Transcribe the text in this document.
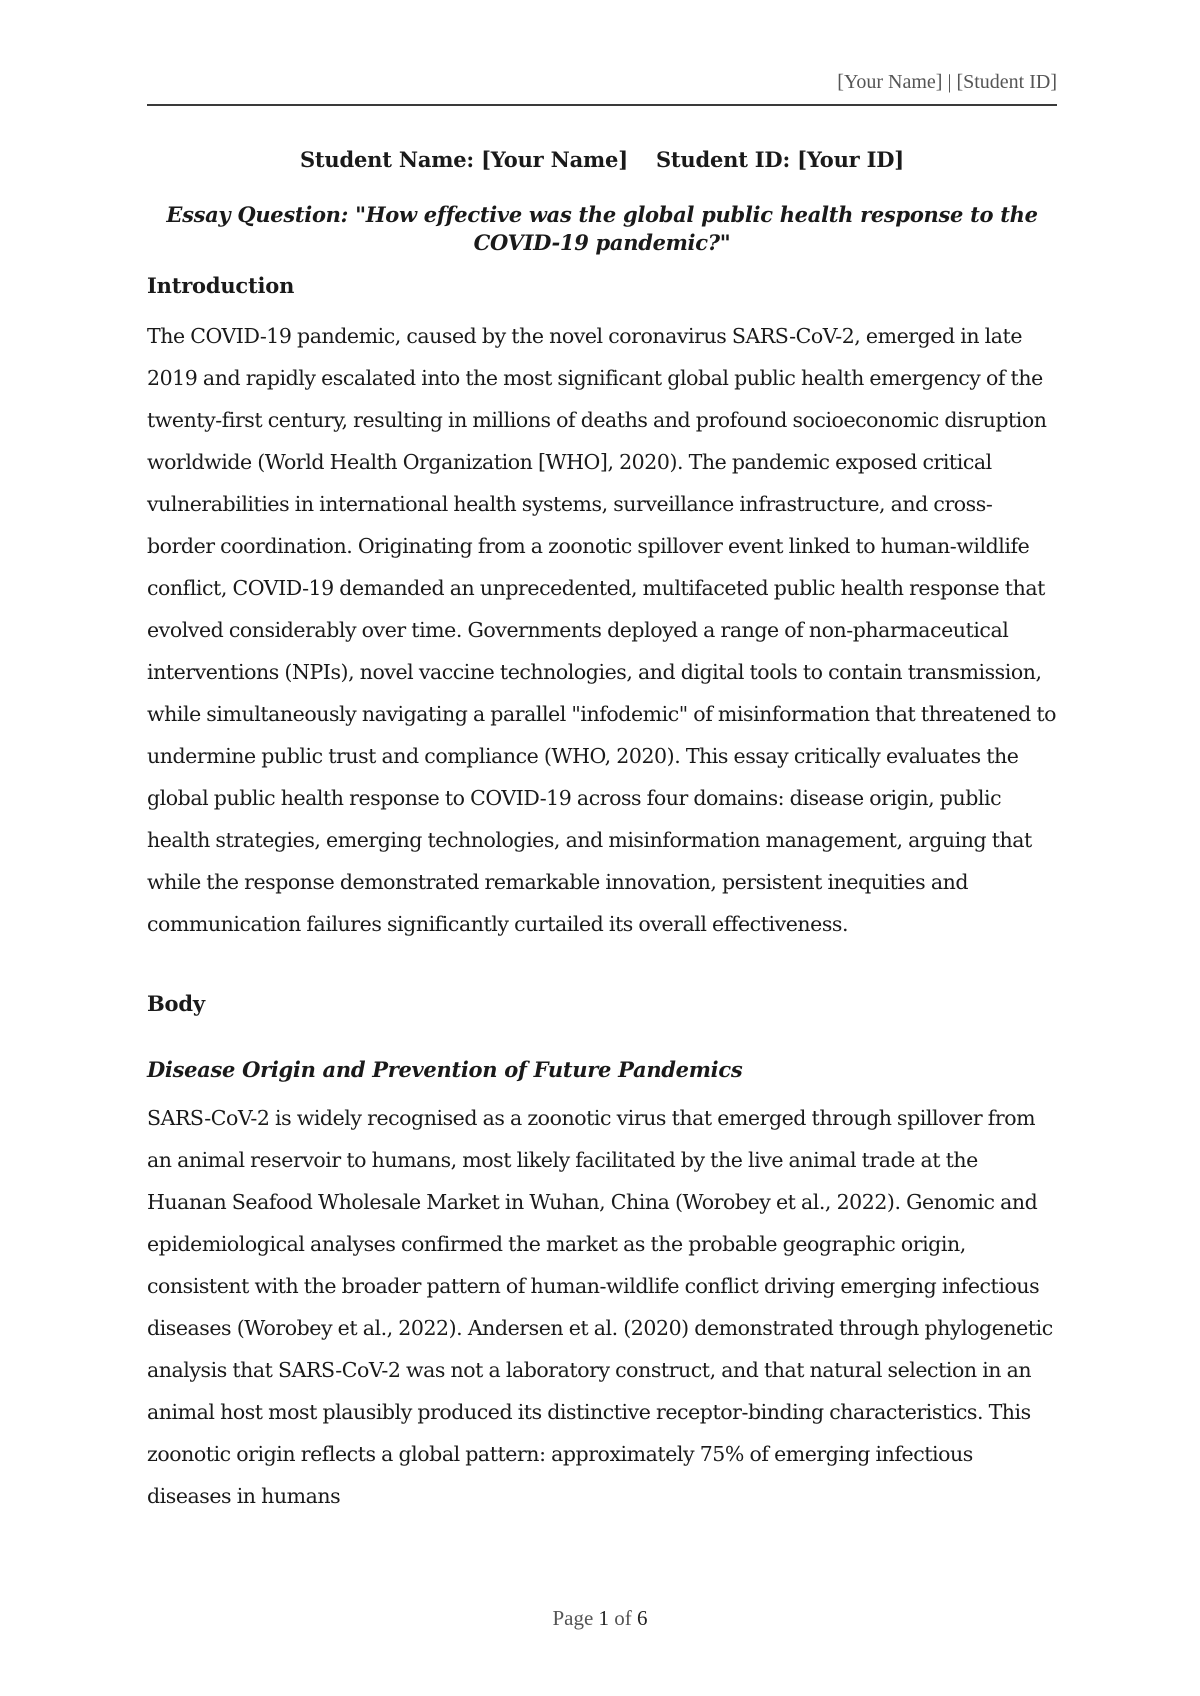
[Your Name] | [Student ID]
Student Name: [Your Name] Student ID: [Your ID]
Essay Question: "How effective was the global public health response to the COVID-19 pandemic?"
Introduction

The COVID-19 pandemic, caused by the novel coronavirus SARS-CoV-2, emerged in late 2019 and rapidly escalated into the most significant global public health emergency of the twenty-first century, resulting in millions of deaths and profound socioeconomic disruption worldwide (World Health Organization [WHO], 2020). The pandemic exposed critical vulnerabilities in international health systems, surveillance infrastructure, and cross-border coordination. Originating from a zoonotic spillover event linked to human-wildlife conflict, COVID-19 demanded an unprecedented, multifaceted public health response that evolved considerably over time. Governments deployed a range of non-pharmaceutical interventions (NPIs), novel vaccine technologies, and digital tools to contain transmission, while simultaneously navigating a parallel "infodemic" of misinformation that threatened to undermine public trust and compliance (WHO, 2020). This essay critically evaluates the global public health response to COVID-19 across four domains: disease origin, public health strategies, emerging technologies, and misinformation management, arguing that while the response demonstrated remarkable innovation, persistent inequities and communication failures significantly curtailed its overall effectiveness.

Body
Disease Origin and Prevention of Future Pandemics

SARS-CoV-2 is widely recognised as a zoonotic virus that emerged through spillover from an animal reservoir to humans, most likely facilitated by the live animal trade at the Huanan Seafood Wholesale Market in Wuhan, China (Worobey et al., 2022). Genomic and epidemiological analyses confirmed the market as the probable geographic origin, consistent with the broader pattern of human-wildlife conflict driving emerging infectious diseases (Worobey et al., 2022). Andersen et al. (2020) demonstrated through phylogenetic analysis that SARS-CoV-2 was not a laboratory construct, and that natural selection in an animal host most plausibly produced its distinctive receptor-binding characteristics. This zoonotic origin reflects a global pattern: approximately 75% of emerging infectious diseases in humans

Page 1 of 6
